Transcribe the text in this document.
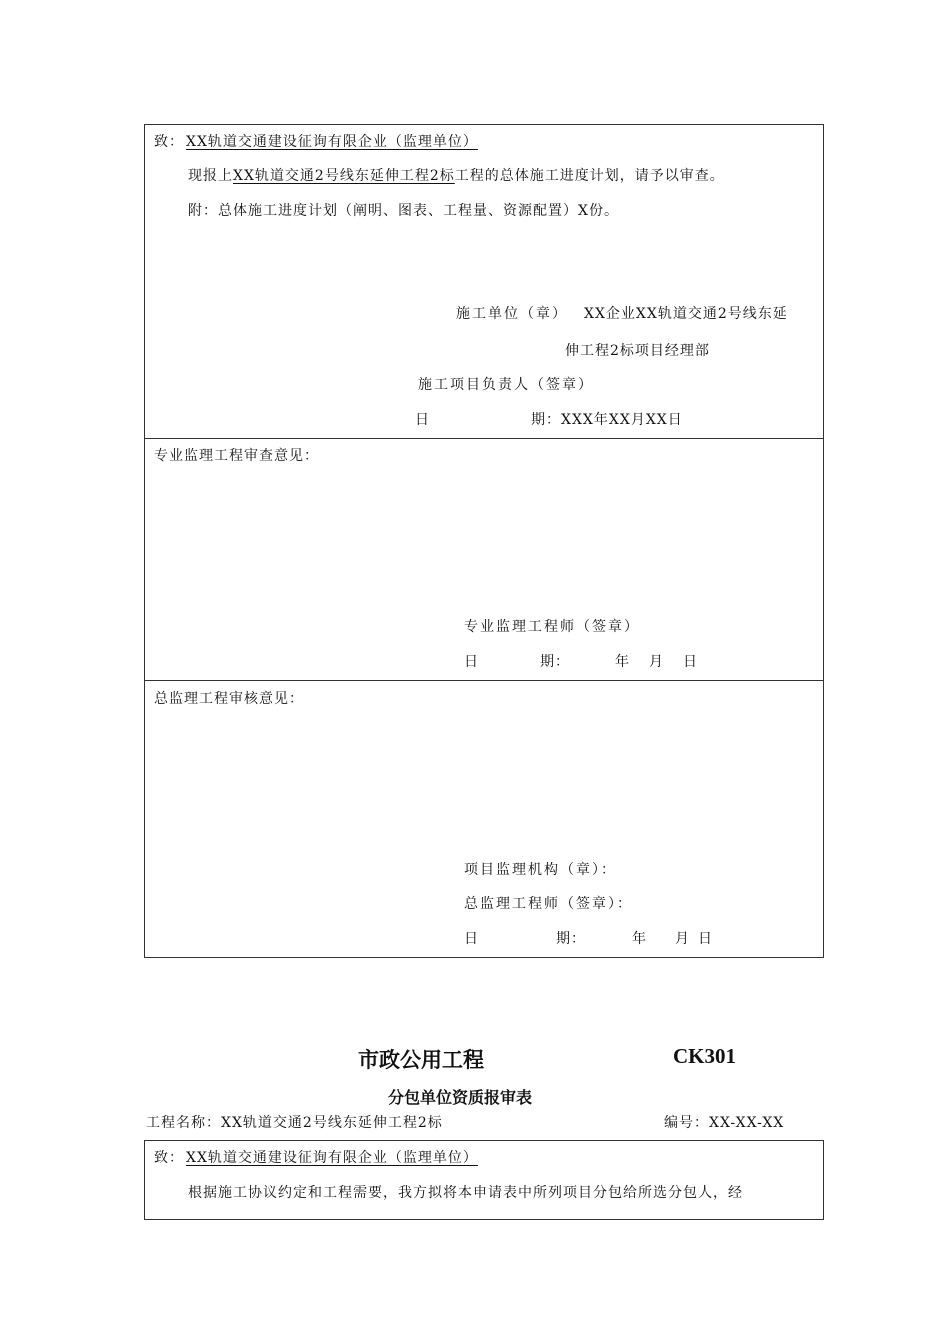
致： XX轨道交通建设征询有限企业（监理单位）
现报上XX轨道交通2号线东延伸工程2标工程的总体施工进度计划，请予以审查。
附：总体施工进度计划（阐明、图表、工程量、资源配置）X份。
施工单位（章） XX企业XX轨道交通2号线东延
伸工程2标项目经理部
施工项目负责人（签章）
日	期：XXX年XX月XX日
专业监理工程审查意见：
专业监理工程师（签章）
日	期：	年 月 日
总监理工程审核意见：
项目监理机构（章）：
总监理工程师（签章）：
日	期：	年 月 日
市政公用工程	CK301
分包单位资质报审表
工程名称：XX轨道交通2号线东延伸工程2标	编号：XX-XX-XX
致： XX轨道交通建设征询有限企业（监理单位）
根据施工协议约定和工程需要，我方拟将本申请表中所列项目分包给所选分包人，经
